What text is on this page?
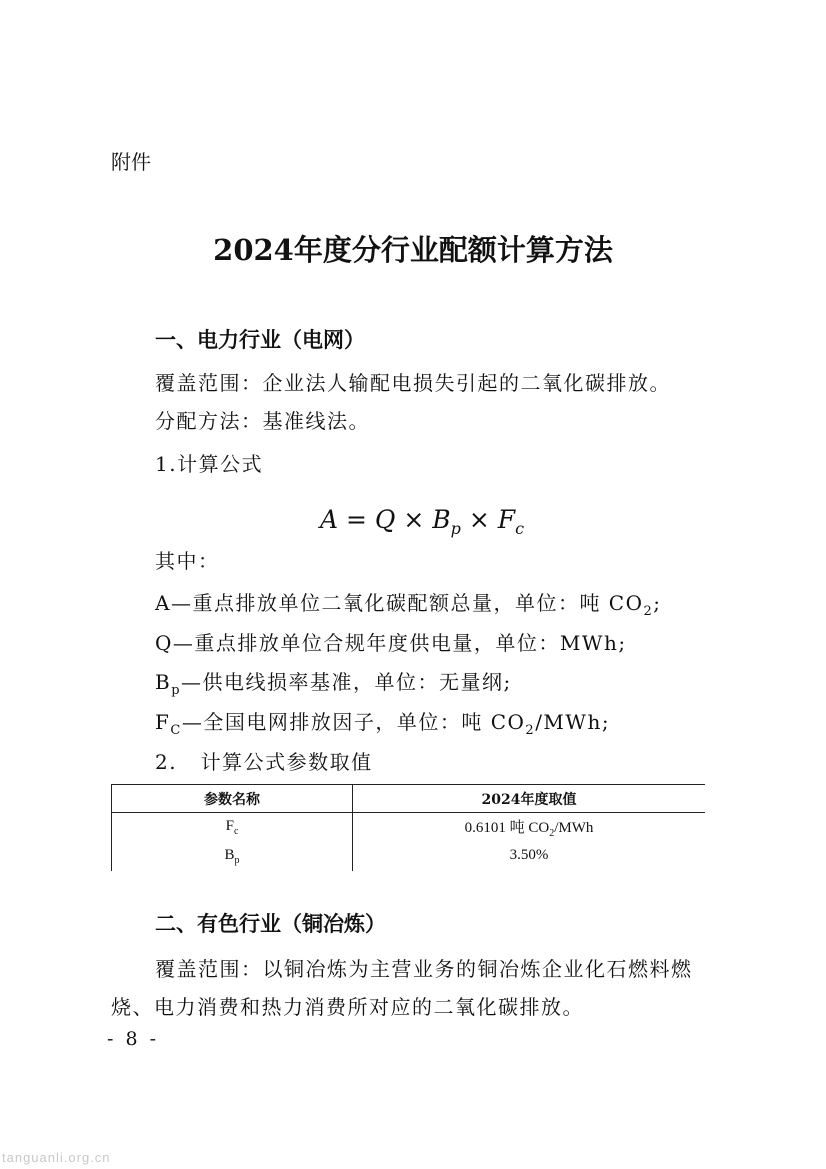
附件
2024年度分行业配额计算方法
一、电力行业（电网）
覆盖范围：企业法人输配电损失引起的二氧化碳排放。
分配方法：基准线法。
1.计算公式
$A = Q \times B_p \times F_c$
其中：
A—重点排放单位二氧化碳配额总量，单位：吨 $CO_2$;
Q—重点排放单位合规年度供电量，单位：MWh;
$B_p—$供电线损率基准，单位：无量纲;
$F_C—$全国电网排放因子，单位：吨 $CO_2$/MWh;
2.   计算公式参数取值
参数名称	2024年度取值
$F_c$	0.6101 吨 $CO_2$/MWh
$B_p$	3.50%
二、有色行业（铜冶炼）
覆盖范围：以铜冶炼为主营业务的铜冶炼企业化石燃料燃
烧、电力消费和热力消费所对应的二氧化碳排放。
- 8 -
tanguanli.org.cn
